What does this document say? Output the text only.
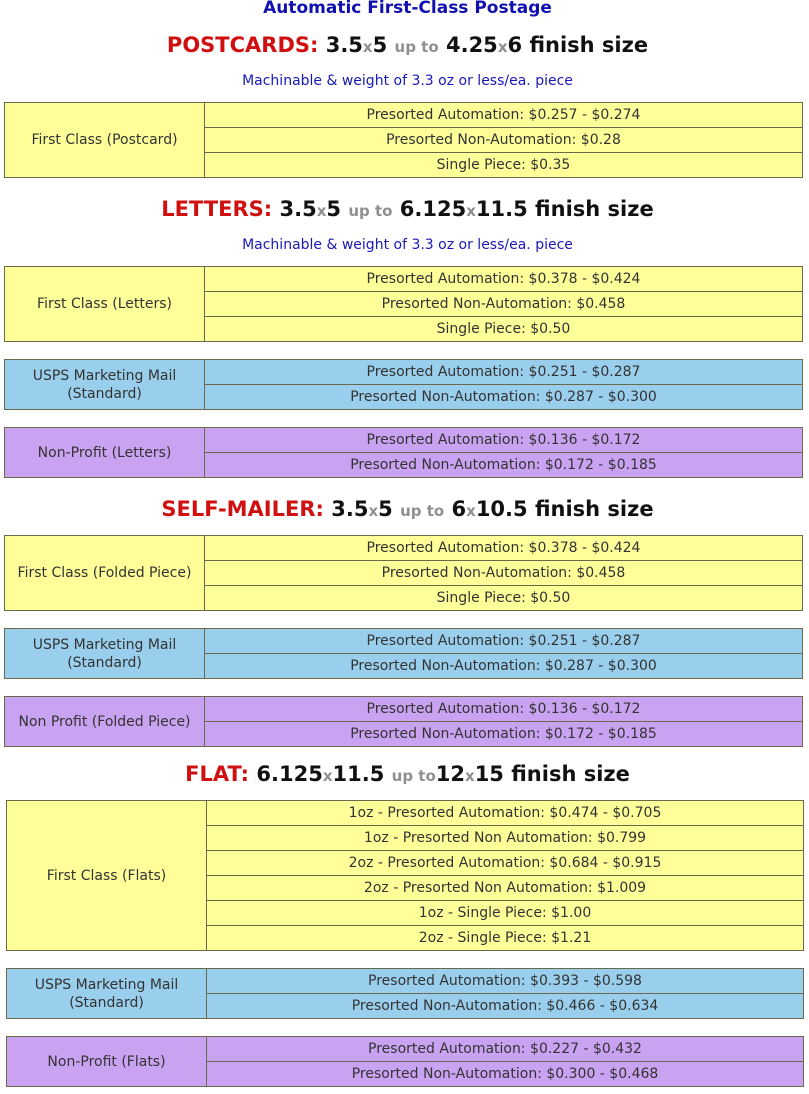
Automatic First-Class Postage
POSTCARDS: 3.5x5 up to 4.25x6 finish size
Machinable & weight of 3.3 oz or less/ea. piece
First Class (Postcard)
Presorted Automation: $0.257 - $0.274
Presorted Non-Automation: $0.28
Single Piece: $0.35
LETTERS: 3.5x5 up to 6.125x11.5 finish size
Machinable & weight of 3.3 oz or less/ea. piece
First Class (Letters)
Presorted Automation: $0.378 - $0.424
Presorted Non-Automation: $0.458
Single Piece: $0.50
USPS Marketing Mail (Standard)
Presorted Automation: $0.251 - $0.287
Presorted Non-Automation: $0.287 - $0.300
Non-Profit (Letters)
Presorted Automation: $0.136 - $0.172
Presorted Non-Automation: $0.172 - $0.185
SELF-MAILER: 3.5x5 up to 6x10.5 finish size
First Class (Folded Piece)
Presorted Automation: $0.378 - $0.424
Presorted Non-Automation: $0.458
Single Piece: $0.50
USPS Marketing Mail (Standard)
Presorted Automation: $0.251 - $0.287
Presorted Non-Automation: $0.287 - $0.300
Non Profit (Folded Piece)
Presorted Automation: $0.136 - $0.172
Presorted Non-Automation: $0.172 - $0.185
FLAT: 6.125x11.5 up to12x15 finish size
First Class (Flats)
1oz - Presorted Automation: $0.474 - $0.705
1oz - Presorted Non Automation: $0.799
2oz - Presorted Automation: $0.684 - $0.915
2oz - Presorted Non Automation: $1.009
1oz - Single Piece: $1.00
2oz - Single Piece: $1.21
USPS Marketing Mail (Standard)
Presorted Automation: $0.393 - $0.598
Presorted Non-Automation: $0.466 - $0.634
Non-Profit (Flats)
Presorted Automation: $0.227 - $0.432
Presorted Non-Automation: $0.300 - $0.468
